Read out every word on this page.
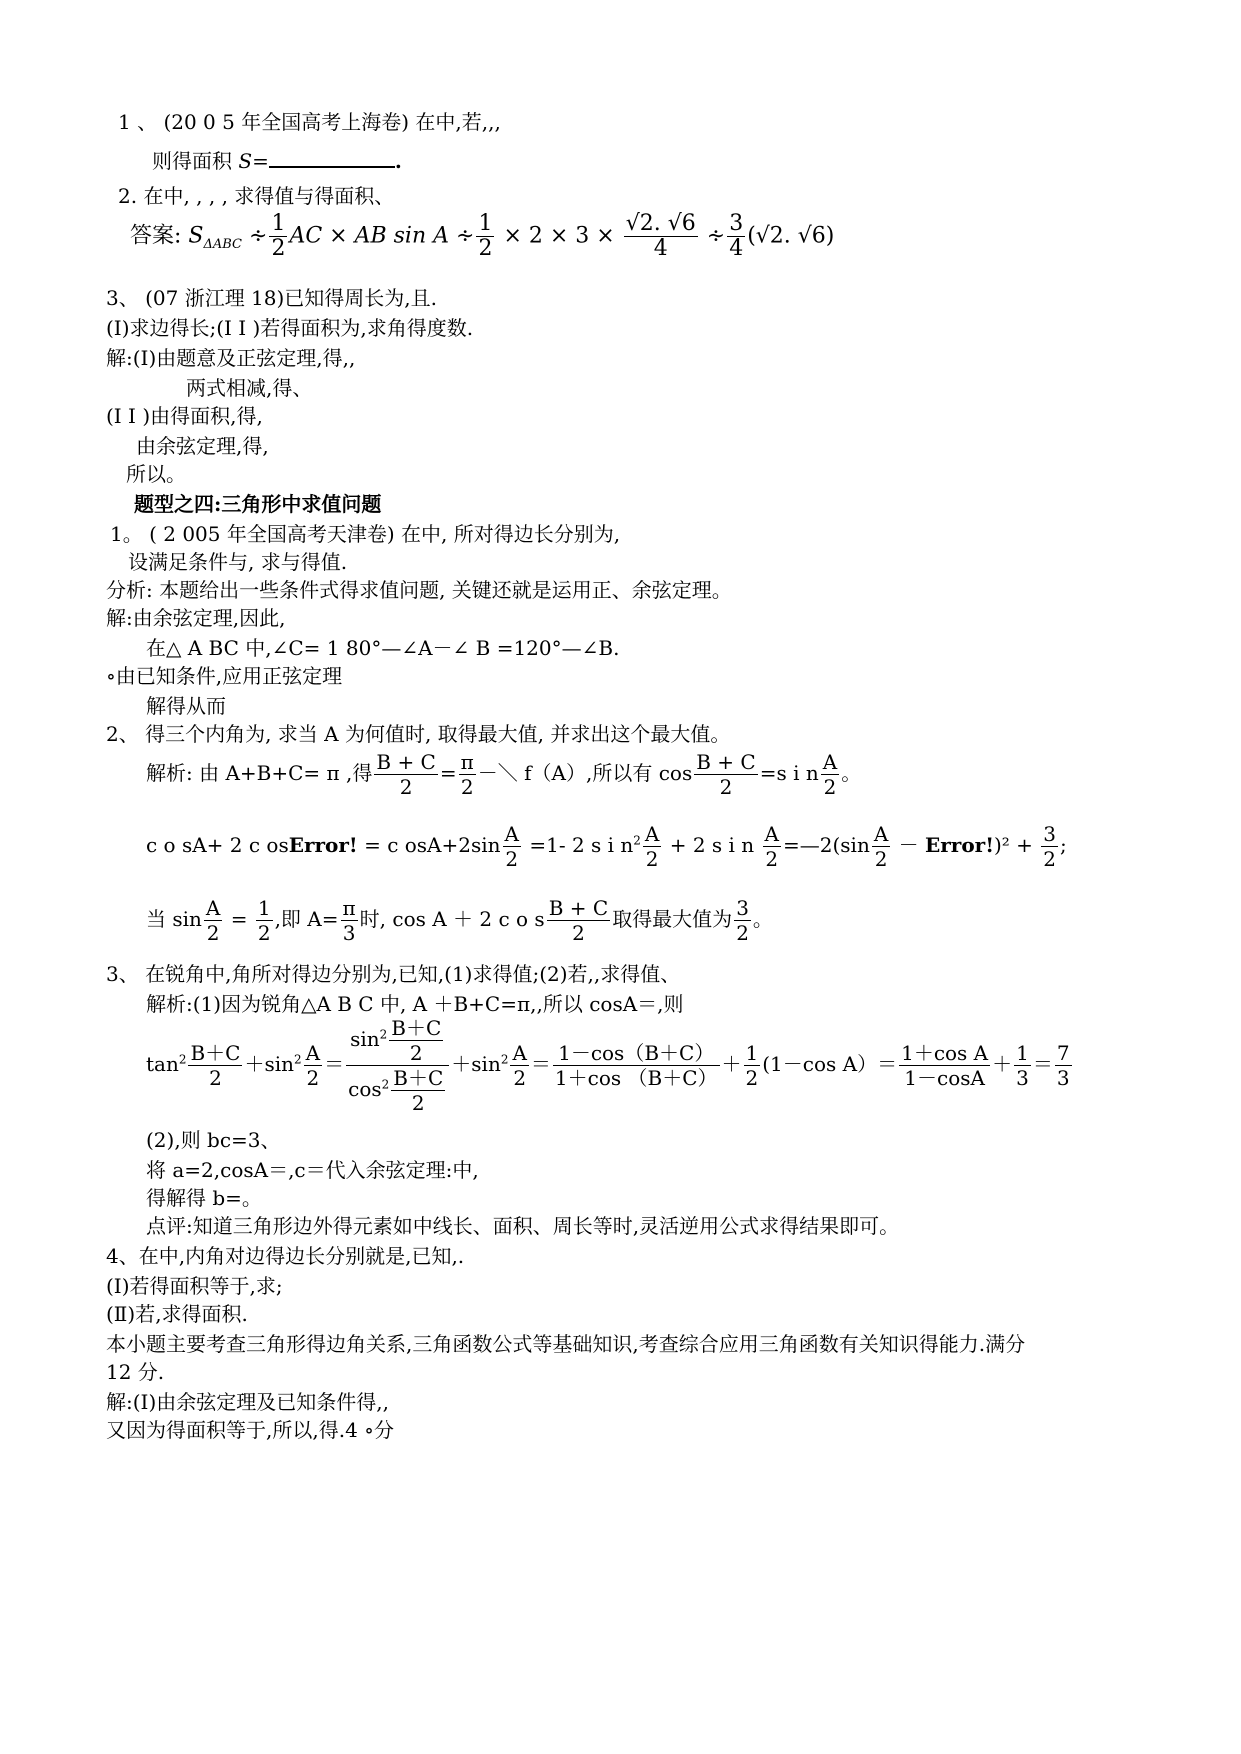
1 、 (20 0 5 年全国高考上海卷) 在中,若,,,
则得面积 S=	.
2. 在中, , , , 求得值与得面积、
答案: $S_{\Delta ABC}$ ∻ $\frac{1}{2}$ AC × AB sin A ∻ $\frac{1}{2} \times 2 \times 3 \times \frac{√2. √6}{4}$ ∻ $\frac{3}{4} (√2$. √6)
3、 (07 浙江理 18)已知得周长为,且.
(I)求边得长;(I I )若得面积为,求角得度数.
解:(I)由题意及正弦定理,得,,
两式相减,得、
(I I )由得面积,得,
由余弦定理,得,
所以。
题型之四:三角形中求值问题
1。 ( 2 005 年全国高考天津卷) 在中, 所对得边长分别为,
设满足条件与, 求与得值.
分析: 本题给出一些条件式得求值问题, 关键还就是运用正、余弦定理。
解:由余弦定理,因此,
在△ A BC 中,∠C= 1 80°—∠A－∠ B =120°—∠B.
∘由已知条件,应用正弦定理
解得从而
2、 得三个内角为, 求当 A 为何值时, 取得最大值, 并求出这个最大值。
解析: 由 A+B+C= π ,得 $\frac{B + C}{2} = \frac{\pi}{2}$ －＼ f（A）,所以有 $\cos \frac{B + C}{2} =s$ i n $\frac{A}{2}$ 。
c o sA+ 2 c osError! = c $osA+2\sin \frac{A}{2} =1-$ 2 s i $n^2 \frac{A}{2} + 2$ s i n $\frac{A}{2}$ =—2(sin $\frac{A}{2}$ － Error!)² + $\frac{3}{2}$ ;
当 $\sin \frac{A}{2} = \frac{1}{2}$ ,即 $A= \frac{\pi}{3}$ 时, cos A ＋ 2 c o s $\frac{B + C}{2}$ 取得最大值为 $\frac{3}{2}$ 。
3、 在锐角中,角所对得边分别为,已知,(1)求得值;(2)若,,求得值、
解析:(1)因为锐角△A B C 中, A ＋B+C=π,,所以 cosA＝,则
$\tan^2 \frac{B+C}{2} +\sin^2 \frac{A}{2} = \frac{\sin^2 \frac{B+C}{2}}{\cos^2 \frac{B+C}{2}} +\sin^2 \frac{A}{2} = \frac{1-\cos(B+C)}{1+\cos (B+C)} + \frac{1}{2} (1-\cos$ $A)= \frac{\text{1＋cos A}}{1-\cos A} + \frac{1}{3} = \frac{7}{3}$
(2),则 bc=3、
将 a=2,cosA＝,c＝代入余弦定理:中,
得解得 b=。
点评:知道三角形边外得元素如中线长、面积、周长等时,灵活逆用公式求得结果即可。
4、在中,内角对边得边长分别就是,已知,.
(Ⅰ)若得面积等于,求;
(Ⅱ)若,求得面积.
本小题主要考查三角形得边角关系,三角函数公式等基础知识,考查综合应用三角函数有关知识得能力.满分
12 分.
解:(Ⅰ)由余弦定理及已知条件得,,
又因为得面积等于,所以,得.4 ∘分
